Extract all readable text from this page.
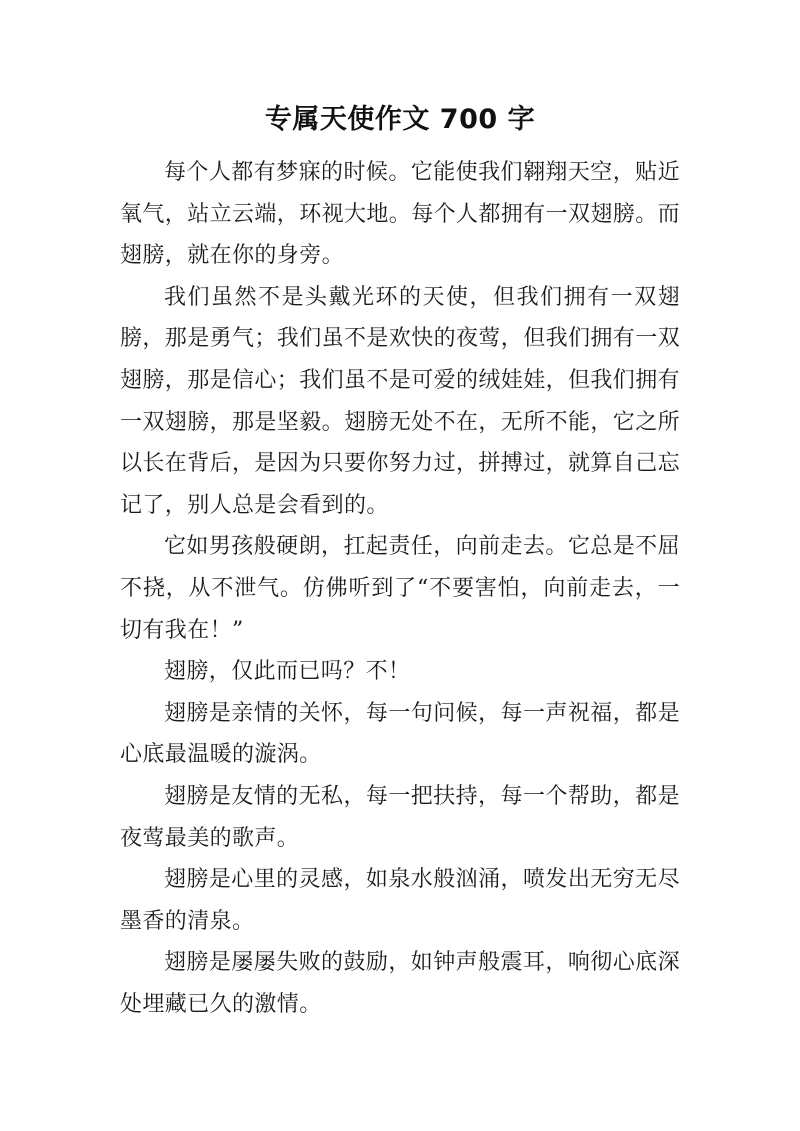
专属天使作文 700 字

每个人都有梦寐的时候。它能使我们翱翔天空，贴近氧气，站立云端，环视大地。每个人都拥有一双翅膀。而翅膀，就在你的身旁。

我们虽然不是头戴光环的天使，但我们拥有一双翅膀，那是勇气；我们虽不是欢快的夜莺，但我们拥有一双翅膀，那是信心；我们虽不是可爱的绒娃娃，但我们拥有一双翅膀，那是坚毅。翅膀无处不在，无所不能，它之所以长在背后，是因为只要你努力过，拼搏过，就算自己忘记了，别人总是会看到的。

它如男孩般硬朗，扛起责任，向前走去。它总是不屈不挠，从不泄气。仿佛听到了“不要害怕，向前走去，一切有我在！”

翅膀，仅此而已吗？不！

翅膀是亲情的关怀，每一句问候，每一声祝福，都是心底最温暖的漩涡。

翅膀是友情的无私，每一把扶持，每一个帮助，都是夜莺最美的歌声。

翅膀是心里的灵感，如泉水般汹涌，喷发出无穷无尽墨香的清泉。

翅膀是屡屡失败的鼓励，如钟声般震耳，响彻心底深处埋藏已久的激情。
